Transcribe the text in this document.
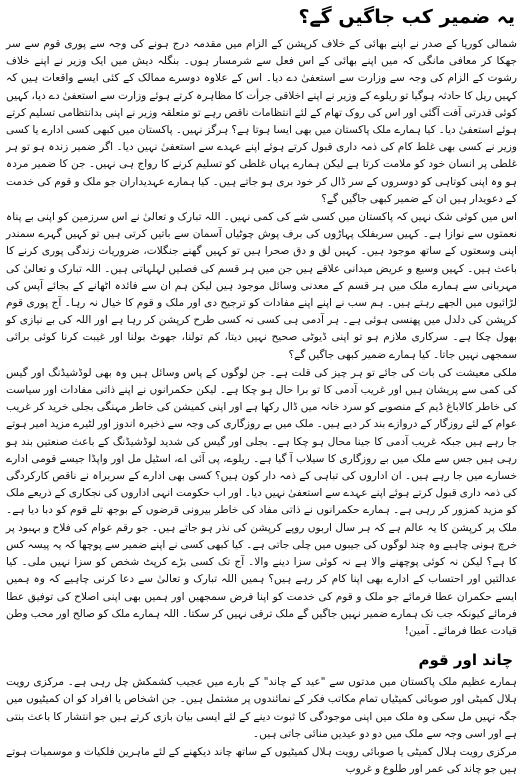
یہ ضمیر کب جاگیں گے؟

شمالی کوریا کے صدر نے اپنے بھائی کے خلاف کرپشن کے الزام میں مقدمہ درج ہونے کی وجہ سے پوری قوم سے سر جھکا کر معافی مانگی کہ میں اپنے بھائی کے اس فعل سے شرمسار ہوں۔ بنگلہ دیش میں ایک وزیر نے اپنے خلاف رشوت کے الزام کی وجہ سے وزارت سے استعفیٰ دے دیا۔ اس کے علاوہ دوسرے ممالک کے کئی ایسے واقعات ہیں کہ کہیں ریل کا حادثہ ہوگیا تو ریلوے کے وزیر نے اپنے اخلاقی جرأت کا مظاہرہ کرتے ہوئے وزارت سے استعفیٰ دے دیا، کہیں کوئی قدرتی آفت آگئی اور اس کی روک تھام کے لئے انتظامات ناقص رہے تو متعلقہ وزیر نے اپنی بدانتظامی تسلیم کرتے ہوئے استعفیٰ دیا۔ کیا ہمارے ملک پاکستان میں بھی ایسا ہوتا ہے؟ ہرگز نہیں۔ پاکستان میں کبھی کسی ادارے یا کسی وزیر نے کسی بھی غلط کام کی ذمہ داری قبول کرتے ہوئے اپنے عہدے سے استعفیٰ نہیں دیا۔ اگر ضمیر زندہ ہو تو ہر غلطی پر انسان خود کو ملامت کرتا ہے لیکن ہمارے یہاں غلطی کو تسلیم کرنے کا رواج ہی نہیں۔ جن کا ضمیر مردہ ہو وہ اپنی کوتاہی کو دوسروں کے سر ڈال کر خود بری ہو جاتے ہیں۔ کیا ہمارے عہدیداران جو ملک و قوم کی خدمت کے دعویدار ہیں ان کے ضمیر کبھی جاگیں گے؟

اس میں کوئی شک نہیں کہ پاکستان میں کسی شے کی کمی نہیں۔ اللہ تبارک و تعالیٰ نے اس سرزمین کو اپنی بے پناہ نعمتوں سے نوازا ہے۔ کہیں سربفلک پہاڑوں کی برف پوش چوٹیاں آسمان سے باتیں کرتی ہیں تو کہیں گہرے سمندر اپنی وسعتوں کے ساتھ موجود ہیں۔ کہیں لق و دق صحرا ہیں تو کہیں گھنے جنگلات، ضروریات زندگی پوری کرنے کا باعث ہیں۔ کہیں وسیع و عریض میدانی علاقے ہیں جن میں ہر قسم کی فصلیں لہلہاتی ہیں۔ اللہ تبارک و تعالیٰ کی مہربانی سے ہمارے ملک میں ہر قسم کے معدنی وسائل موجود ہیں لیکن ہم ان سے فائدہ اٹھانے کے بجائے آپس کی لڑائیوں میں الجھے رہتے ہیں۔ ہم سب نے اپنے اپنے مفادات کو ترجیح دی اور ملک و قوم کا خیال نہ رہا۔ آج پوری قوم کرپشن کی دلدل میں پھنسی ہوئی ہے۔ ہر آدمی ہی کسی نہ کسی طرح کرپشن کر رہا ہے اور اللہ کی بے نیازی کو بھول چکا ہے۔ سرکاری ملازم ہو تو اپنی ڈیوٹی صحیح نہیں دیتا، کم تولنا، جھوٹ بولنا اور غیبت کرنا کوئی برائی سمجھی نہیں جاتا۔ کیا ہمارے ضمیر کبھی جاگیں گے؟

ملکی معیشت کی بات کی جائے تو ہر چیز کی قلت ہے۔ جن لوگوں کے پاس وسائل ہیں وہ بھی لوڈشیڈنگ اور گیس کی کمی سے پریشان ہیں اور غریب آدمی کا تو برا حال ہو چکا ہے۔ لیکن حکمرانوں نے اپنے ذاتی مفادات اور سیاست کی خاطر کالاباغ ڈیم کے منصوبے کو سرد خانہ میں ڈال رکھا ہے اور اپنی کمیشن کی خاطر مہنگی بجلی خرید کر غریب عوام کے لئے روزگار کے دروازے بند کر دیے ہیں۔ ملک میں بے روزگاری کی وجہ سے ذخیرہ اندوز اور لٹیرے مزید امیر ہوتے جا رہے ہیں جبکہ غریب آدمی کا جینا محال ہو چکا ہے۔ بجلی اور گیس کی شدید لوڈشیڈنگ کے باعث صنعتیں بند ہو رہی ہیں جس سے ملک میں بے روزگاری کا سیلاب آ گیا ہے۔ ریلوے، پی آئی اے، اسٹیل مل اور واپڈا جیسے قومی ادارے خسارے میں جا رہے ہیں۔ ان اداروں کی تباہی کے ذمہ دار کون ہیں؟ کسی بھی ادارے کے سربراہ نے ناقص کارکردگی کی ذمہ داری قبول کرتے ہوئے اپنے عہدے سے استعفیٰ نہیں دیا۔ اور اب حکومت انہی اداروں کی نجکاری کے ذریعے ملک کو مزید کمزور کر رہی ہے۔ ہمارے حکمرانوں نے ذاتی مفاد کی خاطر بیرونی قرضوں کے بوجھ تلے قوم کو دبا دیا ہے۔ ملک پر کرپشن کا یہ عالم ہے کہ ہر سال اربوں روپے کرپشن کی نذر ہو جاتے ہیں۔ جو رقم عوام کی فلاح و بہبود پر خرچ ہونی چاہیے وہ چند لوگوں کی جیبوں میں چلی جاتی ہے۔ کیا کبھی کسی نے اپنے ضمیر سے پوچھا کہ یہ پیسہ کس کا ہے؟ لیکن نہ کوئی پوچھنے والا ہے نہ کوئی سزا دینے والا۔ آج تک کسی بڑے کرپٹ شخص کو سزا نہیں ملی۔ کیا عدالتیں اور احتساب کے ادارے بھی اپنا کام کر رہے ہیں؟ ہمیں اللہ تبارک و تعالیٰ سے دعا کرنی چاہیے کہ وہ ہمیں ایسے حکمران عطا فرمائے جو ملک و قوم کی خدمت کو اپنا فرض سمجھیں اور ہمیں بھی اپنی اصلاح کی توفیق عطا فرمائے کیونکہ جب تک ہمارے ضمیر نہیں جاگیں گے ملک ترقی نہیں کر سکتا۔ اللہ ہمارے ملک کو صالح اور محب وطن قیادت عطا فرمائے۔ آمین!

چاند اور قوم

ہمارے عظیم ملک پاکستان میں مدتوں سے "عید کے چاند" کے بارے میں عجیب کشمکش چل رہی ہے۔ مرکزی رویت ہلال کمیٹی اور صوبائی کمیٹیاں تمام مکاتب فکر کے نمائندوں پر مشتمل ہیں۔ جن اشخاص یا افراد کو ان کمیٹیوں میں جگہ نہیں مل سکی وہ ملک میں اپنی موجودگی کا ثبوت دینے کے لئے ایسی بیان بازی کرتے ہیں جو انتشار کا باعث بنتی ہے اور اسی وجہ سے ملک میں دو دو عیدیں منائی جاتی ہیں۔

مرکزی رویت ہلال کمیٹی یا صوبائی رویت ہلال کمیٹیوں کے ساتھ چاند دیکھنے کے لئے ماہرین فلکیات و موسمیات ہوتے ہیں جو چاند کی عمر اور طلوع و غروب
